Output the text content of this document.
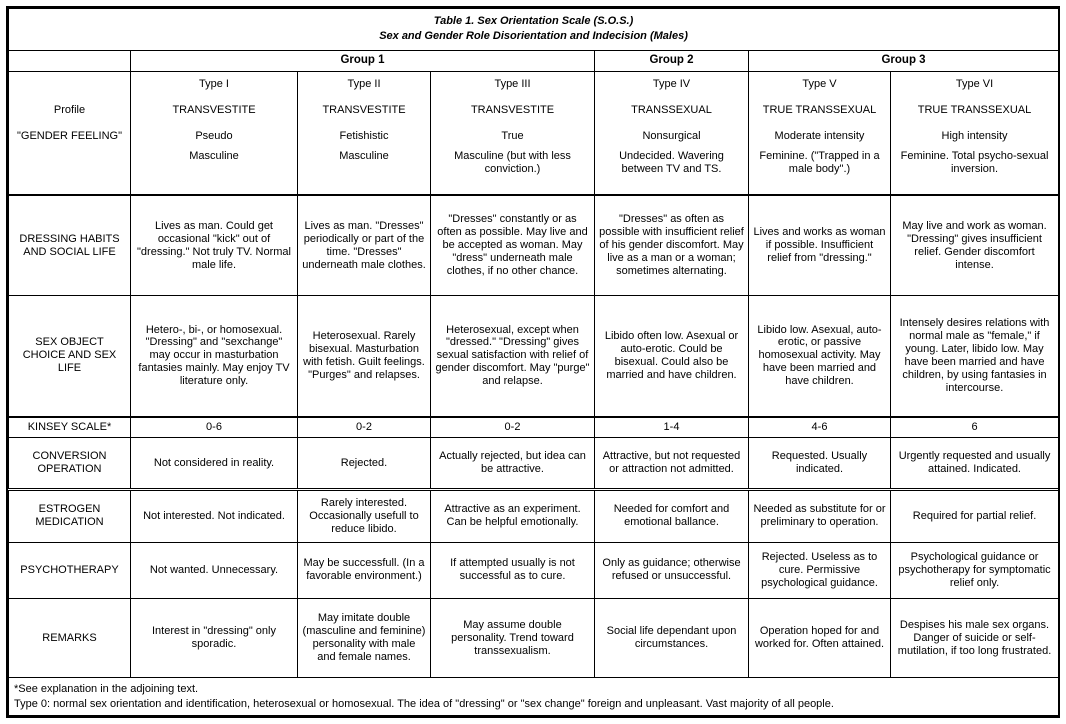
Table 1. Sex Orientation Scale (S.O.S.)
Sex and Gender Role Disorientation and Indecision (Males)						

	Group 1			Group 2	Group 3	
	Type I	Type II	Type III	Type IV	Type V	Type VI
Profile	TRANSVESTITE	TRANSVESTITE	TRANSVESTITE	TRANSSEXUAL	TRUE TRANSSEXUAL	TRUE TRANSSEXUAL
"GENDER FEELING"	Pseudo	Fetishistic	True	Nonsurgical	Moderate intensity	High intensity
	Masculine	Masculine	Masculine (but with less conviction.)	Undecided. Wavering between TV and TS.	Feminine. ("Trapped in a male body".)	Feminine. Total psycho-sexual inversion.
DRESSING HABITS AND SOCIAL LIFE	Lives as man. Could get occasional "kick" out of "dressing." Not truly TV. Normal male life.	Lives as man. "Dresses" periodically or part of the time. "Dresses" underneath male clothes.	"Dresses" constantly or as often as possible. May live and be accepted as woman. May "dress" underneath male clothes, if no other chance.	"Dresses" as often as possible with insufficient relief of his gender discomfort. May live as a man or a woman; sometimes alternating.	Lives and works as woman if possible. Insufficient relief from "dressing."	May live and work as woman. "Dressing" gives insufficient relief. Gender discomfort intense.
SEX OBJECT CHOICE AND SEX LIFE	Hetero-, bi-, or homosexual. "Dressing" and "sexchange" may occur in masturbation fantasies mainly. May enjoy TV literature only.	Heterosexual. Rarely bisexual. Masturbation with fetish. Guilt feelings. "Purges" and relapses.	Heterosexual, except when "dressed." "Dressing" gives sexual satisfaction with relief of gender discomfort. May "purge" and relapse.	Libido often low. Asexual or auto-erotic. Could be bisexual. Could also be married and have children.	Libido low. Asexual, auto-erotic, or passive homosexual activity. May have been married and have children.	Intensely desires relations with normal male as "female," if young. Later, libido low. May have been married and have children, by using fantasies in intercourse.
KINSEY SCALE*	0-6	0-2	0-2	1-4	4-6	6
CONVERSION OPERATION	Not considered in reality.	Rejected.	Actually rejected, but idea can be attractive.	Attractive, but not requested or attraction not admitted.	Requested. Usually indicated.	Urgently requested and usually attained. Indicated.
ESTROGEN MEDICATION	Not interested. Not indicated.	Rarely interested. Occasionally usefull to reduce libido.	Attractive as an experiment. Can be helpful emotionally.	Needed for comfort and emotional ballance.	Needed as substitute for or preliminary to operation.	Required for partial relief.
PSYCHOTHERAPY	Not wanted. Unnecessary.	May be successfull. (In a favorable environment.)	If attempted usually is not successful as to cure.	Only as guidance; otherwise refused or unsuccessful.	Rejected. Useless as to cure. Permissive psychological guidance.	Psychological guidance or psychotherapy for symptomatic relief only.
REMARKS	Interest in "dressing" only sporadic.	May imitate double (masculine and feminine) personality with male and female names.	May assume double personality. Trend toward transsexualism.	Social life dependant upon circumstances.	Operation hoped for and worked for. Often attained.	Despises his male sex organs. Danger of suicide or self-mutilation, if too long frustrated.

*See explanation in the adjoining text.
Type 0: normal sex orientation and identification, heterosexual or homosexual. The idea of "dressing" or "sex change" foreign and unpleasant. Vast majority of all people.						
